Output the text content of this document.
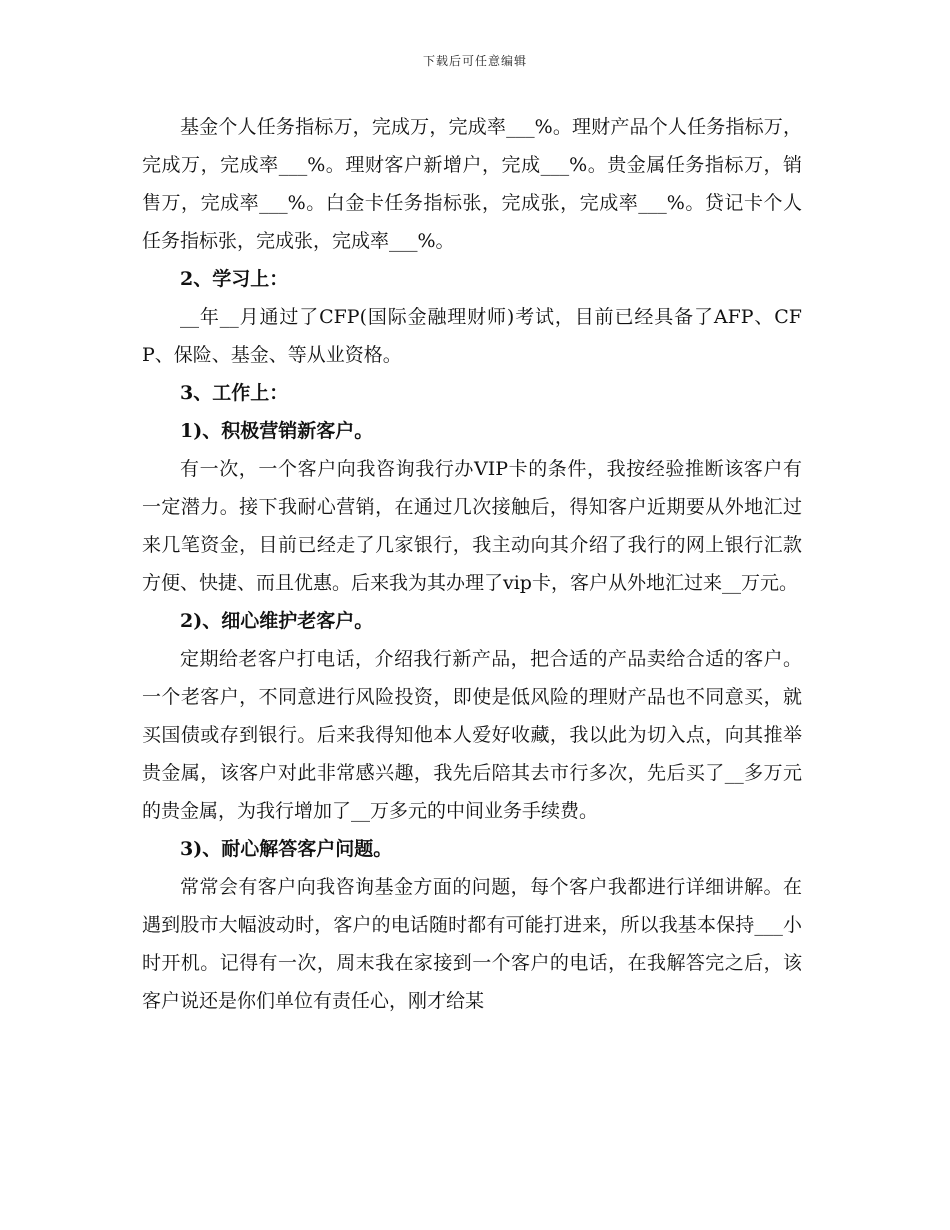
下载后可任意编辑

基金个人任务指标万，完成万，完成率___%。理财产品个人任务指标万，完成万，完成率___%。理财客户新增户，完成___%。贵金属任务指标万，销售万，完成率___%。白金卡任务指标张，完成张，完成率___%。贷记卡个人任务指标张，完成张，完成率___%。

2、学习上：

__年__月通过了CFP(国际金融理财师)考试，目前已经具备了AFP、CFP、保险、基金、等从业资格。

3、工作上：

1)、积极营销新客户。

有一次，一个客户向我咨询我行办VIP卡的条件，我按经验推断该客户有一定潜力。接下我耐心营销，在通过几次接触后，得知客户近期要从外地汇过来几笔资金，目前已经走了几家银行，我主动向其介绍了我行的网上银行汇款方便、快捷、而且优惠。后来我为其办理了vip卡，客户从外地汇过来__万元。

2)、细心维护老客户。

定期给老客户打电话，介绍我行新产品，把合适的产品卖给合适的客户。一个老客户，不同意进行风险投资，即使是低风险的理财产品也不同意买，就买国债或存到银行。后来我得知他本人爱好收藏，我以此为切入点，向其推举贵金属，该客户对此非常感兴趣，我先后陪其去市行多次，先后买了__多万元的贵金属，为我行增加了__万多元的中间业务手续费。

3)、耐心解答客户问题。

常常会有客户向我咨询基金方面的问题，每个客户我都进行详细讲解。在遇到股市大幅波动时，客户的电话随时都有可能打进来，所以我基本保持___小时开机。记得有一次，周末我在家接到一个客户的电话，在我解答完之后，该客户说还是你们单位有责任心，刚才给某
